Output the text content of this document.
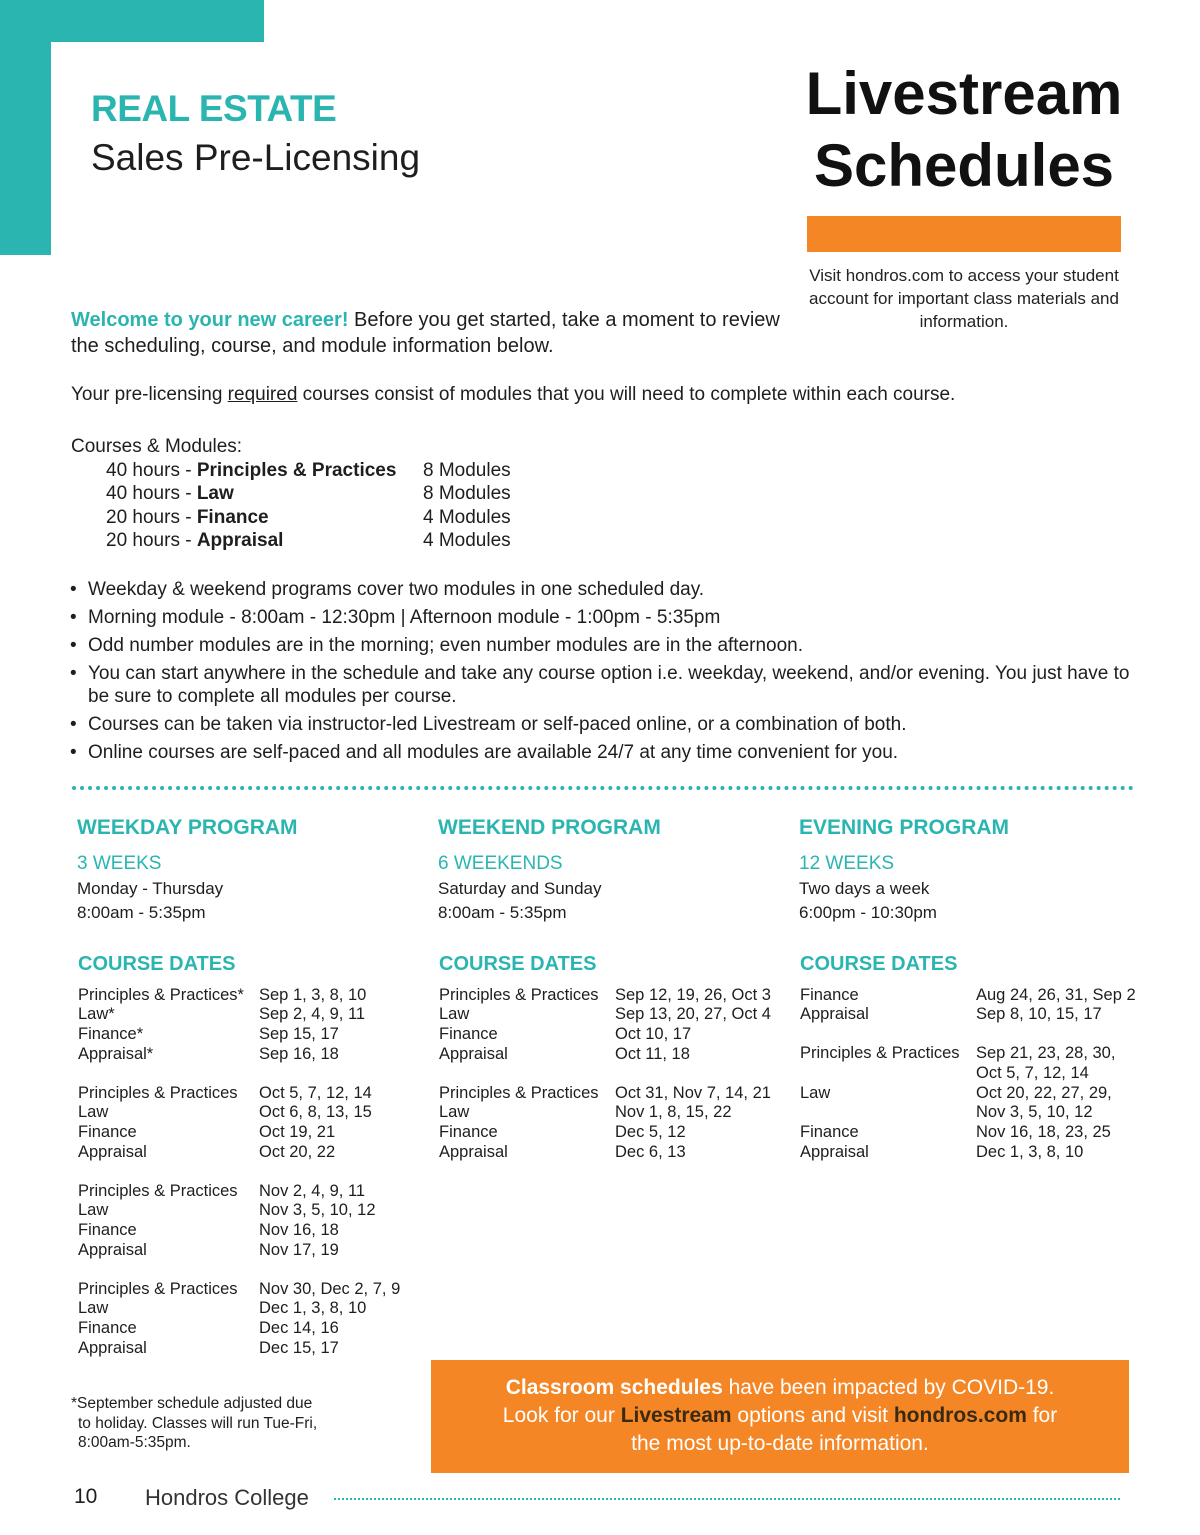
REAL ESTATE
Sales Pre-Licensing
Livestream
Schedules
Visit hondros.com to access your student account for important class materials and information.
Welcome to your new career! Before you get started, take a moment to review the scheduling, course, and module information below.
Your pre-licensing required courses consist of modules that you will need to complete within each course.
Courses & Modules:
40 hours - Principles & Practices 8 Modules
40 hours - Law	8 Modules
20 hours - Finance	4 Modules
20 hours - Appraisal	4 Modules
• Weekday & weekend programs cover two modules in one scheduled day.
• Morning module - 8:00am - 12:30pm | Afternoon module - 1:00pm - 5:35pm
• Odd number modules are in the morning; even number modules are in the afternoon.
• You can start anywhere in the schedule and take any course option i.e. weekday, weekend, and/or evening. You just have to be sure to complete all modules per course.
• Courses can be taken via instructor-led Livestream or self-paced online, or a combination of both.
• Online courses are self-paced and all modules are available 24/7 at any time convenient for you.
WEEKDAY PROGRAM
3 WEEKS
Monday - Thursday
8:00am - 5:35pm
COURSE DATES
WEEKEND PROGRAM
6 WEEKENDS
Saturday and Sunday
8:00am - 5:35pm
COURSE DATES
EVENING PROGRAM
12 WEEKS
Two days a week
6:00pm - 10:30pm
COURSE DATES
Principles & Practices* Sep 1, 3, 8, 10
Law*	Sep 2, 4, 9, 11
Finance*	Sep 15, 17
Appraisal*	Sep 16, 18
Principles & Practices Oct 5, 7, 12, 14
Law	Oct 6, 8, 13, 15
Finance	Oct 19, 21
Appraisal	Oct 20, 22
Principles & Practices Nov 2, 4, 9, 11
Law	Nov 3, 5, 10, 12
Finance	Nov 16, 18
Appraisal	Nov 17, 19
Principles & Practices Nov 30, Dec 2, 7, 9
Law	Dec 1, 3, 8, 10
Finance	Dec 14, 16
Appraisal	Dec 15, 17
Principles & Practices Sep 12, 19, 26, Oct 3
Law	Sep 13, 20, 27, Oct 4
Finance	Oct 10, 17
Appraisal	Oct 11, 18
Principles & Practices Oct 31, Nov 7, 14, 21
Law	Nov 1, 8, 15, 22
Finance	Dec 5, 12
Appraisal	Dec 6, 13
Finance	Aug 24, 26, 31, Sep 2
Appraisal	Sep 8, 10, 15, 17
Principles & Practices Sep 21, 23, 28, 30,
Oct 5, 7, 12, 14
Law	Oct 20, 22, 27, 29,
Nov 3, 5, 10, 12
Finance	Nov 16, 18, 23, 25
Appraisal	Dec 1, 3, 8, 10
*September schedule adjusted due
to holiday. Classes will run Tue-Fri,
8:00am-5:35pm.
Classroom schedules have been impacted by COVID-19.
Look for our Livestream options and visit hondros.com for
the most up-to-date information.
10 Hondros College
